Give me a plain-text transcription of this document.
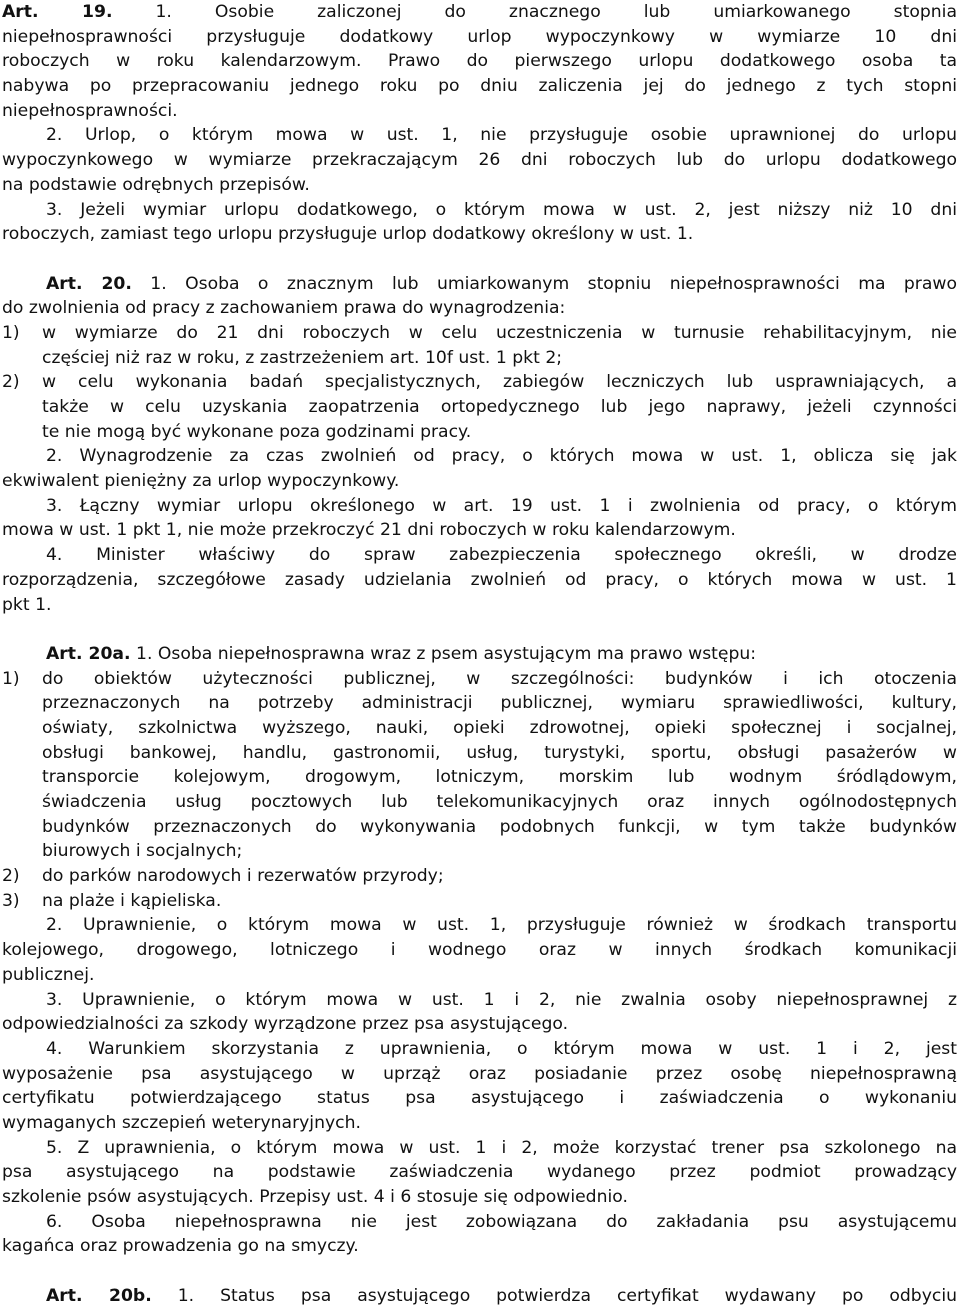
Art. 19. 1. Osobie zaliczonej do znacznego lub umiarkowanego stopnia
niepełnosprawności przysługuje dodatkowy urlop wypoczynkowy w wymiarze 10 dni
roboczych w roku kalendarzowym. Prawo do pierwszego urlopu dodatkowego osoba ta
nabywa po przepracowaniu jednego roku po dniu zaliczenia jej do jednego z tych stopni
niepełnosprawności.
2. Urlop, o którym mowa w ust. 1, nie przysługuje osobie uprawnionej do urlopu
wypoczynkowego w wymiarze przekraczającym 26 dni roboczych lub do urlopu dodatkowego
na podstawie odrębnych przepisów.
3. Jeżeli wymiar urlopu dodatkowego, o którym mowa w ust. 2, jest niższy niż 10 dni
roboczych, zamiast tego urlopu przysługuje urlop dodatkowy określony w ust. 1.
Art. 20. 1. Osoba o znacznym lub umiarkowanym stopniu niepełnosprawności ma prawo
do zwolnienia od pracy z zachowaniem prawa do wynagrodzenia:
1) w wymiarze do 21 dni roboczych w celu uczestniczenia w turnusie rehabilitacyjnym, nie
częściej niż raz w roku, z zastrzeżeniem art. 10f ust. 1 pkt 2;
2) w celu wykonania badań specjalistycznych, zabiegów leczniczych lub usprawniających, a
także w celu uzyskania zaopatrzenia ortopedycznego lub jego naprawy, jeżeli czynności
te nie mogą być wykonane poza godzinami pracy.
2. Wynagrodzenie za czas zwolnień od pracy, o których mowa w ust. 1, oblicza się jak
ekwiwalent pieniężny za urlop wypoczynkowy.
3. Łączny wymiar urlopu określonego w art. 19 ust. 1 i zwolnienia od pracy, o którym
mowa w ust. 1 pkt 1, nie może przekroczyć 21 dni roboczych w roku kalendarzowym.
4. Minister właściwy do spraw zabezpieczenia społecznego określi, w drodze
rozporządzenia, szczegółowe zasady udzielania zwolnień od pracy, o których mowa w ust. 1
pkt 1.
Art. 20a. 1. Osoba niepełnosprawna wraz z psem asystującym ma prawo wstępu:
1) do obiektów użyteczności publicznej, w szczególności: budynków i ich otoczenia
przeznaczonych na potrzeby administracji publicznej, wymiaru sprawiedliwości, kultury,
oświaty, szkolnictwa wyższego, nauki, opieki zdrowotnej, opieki społecznej i socjalnej,
obsługi bankowej, handlu, gastronomii, usług, turystyki, sportu, obsługi pasażerów w
transporcie kolejowym, drogowym, lotniczym, morskim lub wodnym śródlądowym,
świadczenia usług pocztowych lub telekomunikacyjnych oraz innych ogólnodostępnych
budynków przeznaczonych do wykonywania podobnych funkcji, w tym także budynków
biurowych i socjalnych;
2) do parków narodowych i rezerwatów przyrody;
3) na plaże i kąpieliska.
2. Uprawnienie, o którym mowa w ust. 1, przysługuje również w środkach transportu
kolejowego, drogowego, lotniczego i wodnego oraz w innych środkach komunikacji
publicznej.
3. Uprawnienie, o którym mowa w ust. 1 i 2, nie zwalnia osoby niepełnosprawnej z
odpowiedzialności za szkody wyrządzone przez psa asystującego.
4. Warunkiem skorzystania z uprawnienia, o którym mowa w ust. 1 i 2, jest
wyposażenie psa asystującego w uprząż oraz posiadanie przez osobę niepełnosprawną
certyfikatu potwierdzającego status psa asystującego i zaświadczenia o wykonaniu
wymaganych szczepień weterynaryjnych.
5. Z uprawnienia, o którym mowa w ust. 1 i 2, może korzystać trener psa szkolonego na
psa asystującego na podstawie zaświadczenia wydanego przez podmiot prowadzący
szkolenie psów asystujących. Przepisy ust. 4 i 6 stosuje się odpowiednio.
6. Osoba niepełnosprawna nie jest zobowiązana do zakładania psu asystującemu
kagańca oraz prowadzenia go na smyczy.
Art. 20b. 1. Status psa asystującego potwierdza certyfikat wydawany po odbyciu
